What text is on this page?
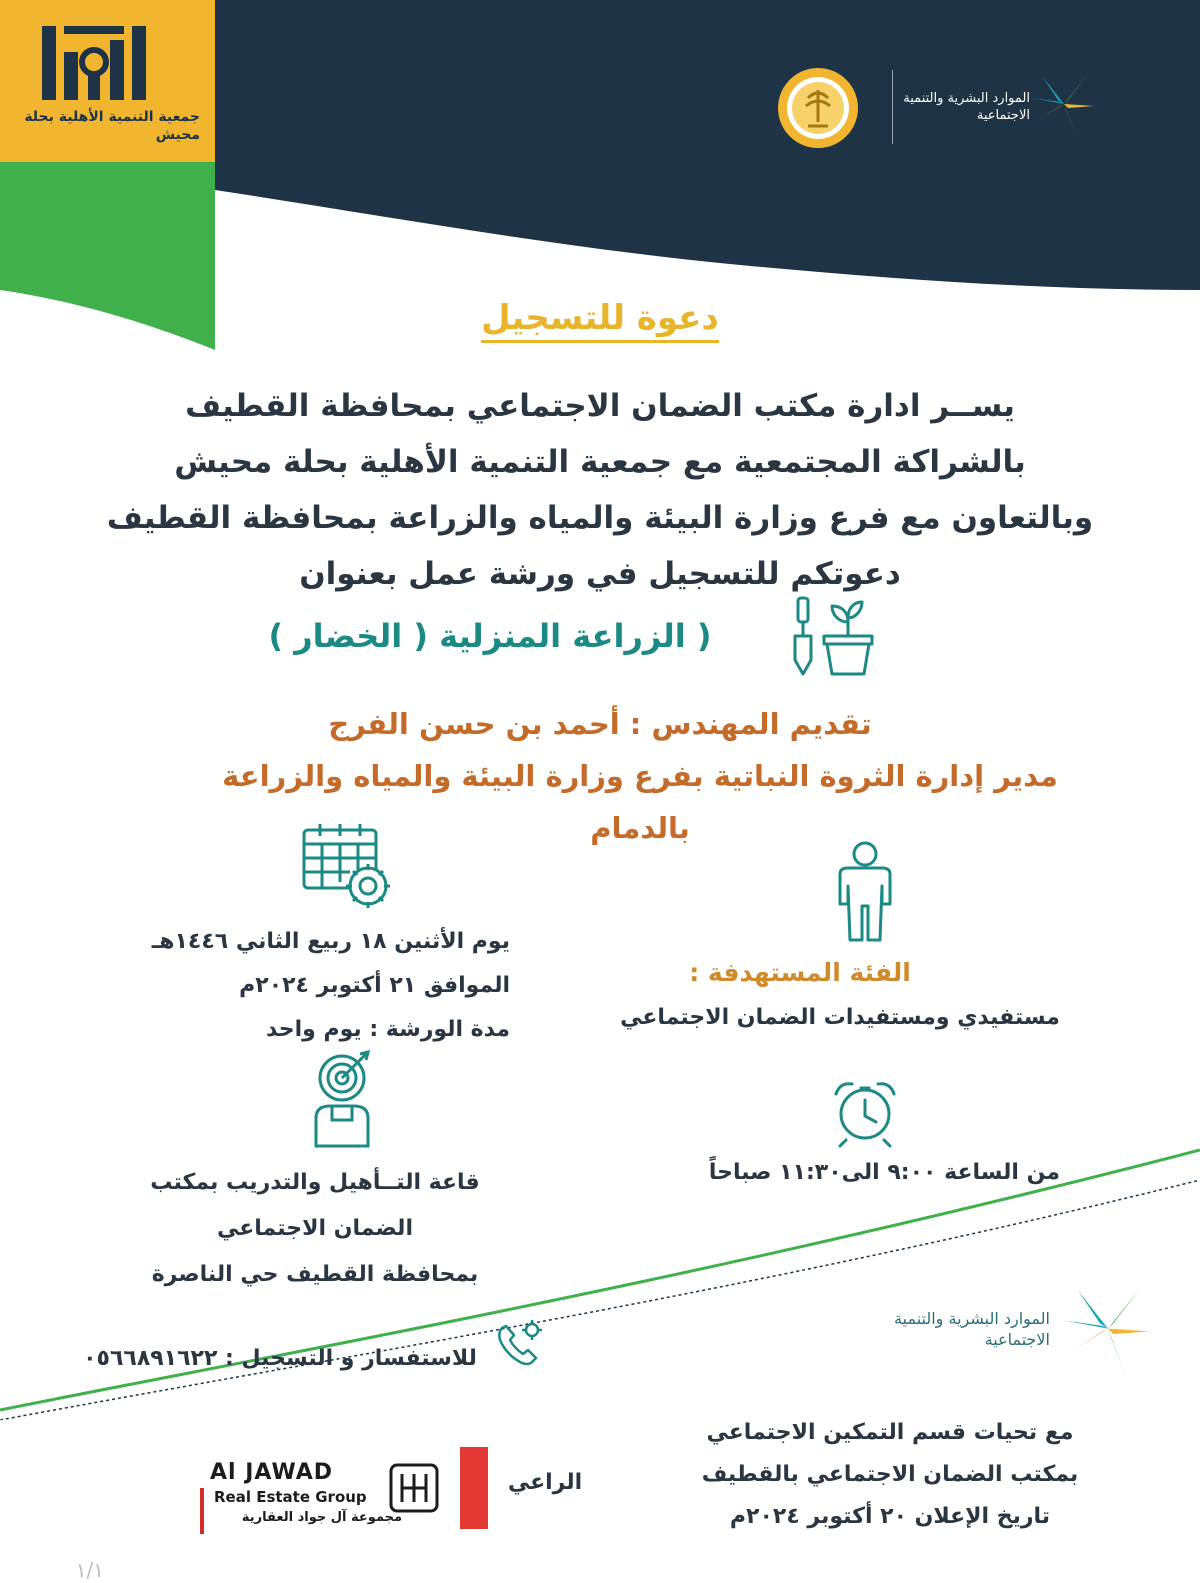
جمعية التنمية الأهلية بحلة محيش
الموارد البشرية والتنمية الاجتماعية
دعوة للتسجيل
يســر ادارة مكتب الضمان الاجتماعي بمحافظة القطيف
بالشراكة المجتمعية مع جمعية التنمية الأهلية بحلة محيش
وبالتعاون مع فرع وزارة البيئة والمياه والزراعة بمحافظة القطيف
دعوتكم للتسجيل في ورشة عمل بعنوان
( الزراعة المنزلية ( الخضار )
تقديم المهندس : أحمد بن حسن الفرج
مدير إدارة الثروة النباتية بفرع وزارة البيئة والمياه والزراعة بالدمام
يوم الأثنين ١٨ ربيع الثاني ١٤٤٦هـ
الموافق ٢١ أكتوبر ٢٠٢٤م
مدة الورشة : يوم واحد
الفئة المستهدفة :
مستفيدي ومستفيدات الضمان الاجتماعي
من الساعة ٩:٠٠ الى١١:٣٠ صباحاً
قاعة التــأهيل والتدريب بمكتب
الضمان الاجتماعي
بمحافظة القطيف حي الناصرة
الموارد البشرية والتنمية الاجتماعية
للاستفسار و التسجيل : ٠٥٦٦٨٩١٦٢٢
مع تحيات قسم التمكين الاجتماعي
بمكتب الضمان الاجتماعي بالقطيف
تاريخ الإعلان ٢٠ أكتوبر ٢٠٢٤م
الراعي
Al JAWAD
Real Estate Group
مجموعة آل جواد العقارية
١/١
